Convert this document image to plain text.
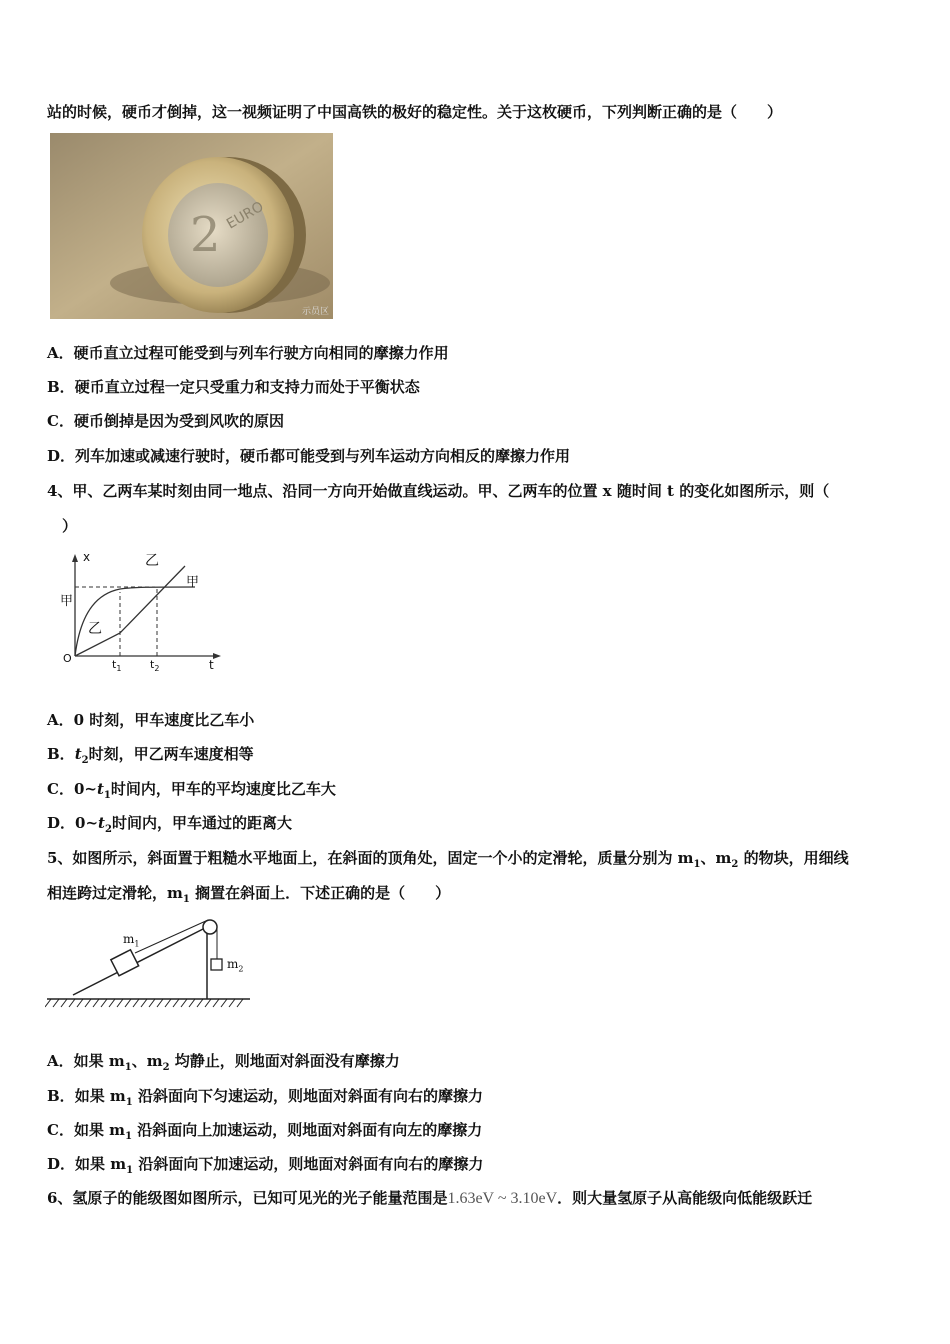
站的时候，硬币才倒掉，这一视频证明了中国高铁的极好的稳定性。关于这枚硬币，下列判断正确的是（　　）
2 EURO
示员区
A．硬币直立过程可能受到与列车行驶方向相同的摩擦力作用
B．硬币直立过程一定只受重力和支持力而处于平衡状态
C．硬币倒掉是因为受到风吹的原因
D．列车加速或减速行驶时，硬币都可能受到与列车运动方向相反的摩擦力作用
4、甲、乙两车某时刻由同一地点、沿同一方向开始做直线运动。甲、乙两车的位置 x 随时间 t 的变化如图所示，则（
）
x
t
O	$t_1$	$t_2$
甲
甲
乙
乙
A．0 时刻，甲车速度比乙车小
B．$t_2$时刻，甲乙两车速度相等
C．$0\sim t_1$时间内，甲车的平均速度比乙车大
D．$0\sim t_2$时间内，甲车通过的距离大
5、如图所示，斜面置于粗糙水平地面上，在斜面的顶角处，固定一个小的定滑轮，质量分别为 $m_1$、$m_2$ 的物块，用细线
相连跨过定滑轮，$m_1$ 搁置在斜面上．下述正确的是（　　）
$m_1$
$m_2$
A．如果 $m_1$、$m_2$ 均静止，则地面对斜面没有摩擦力
B．如果 $m_1$ 沿斜面向下匀速运动，则地面对斜面有向右的摩擦力
C．如果 $m_1$ 沿斜面向上加速运动，则地面对斜面有向左的摩擦力
D．如果 $m_1$ 沿斜面向下加速运动，则地面对斜面有向右的摩擦力
6、氢原子的能级图如图所示，已知可见光的光子能量范围是1.63eV ~ 3.10eV．则大量氢原子从高能级向低能级跃迁
